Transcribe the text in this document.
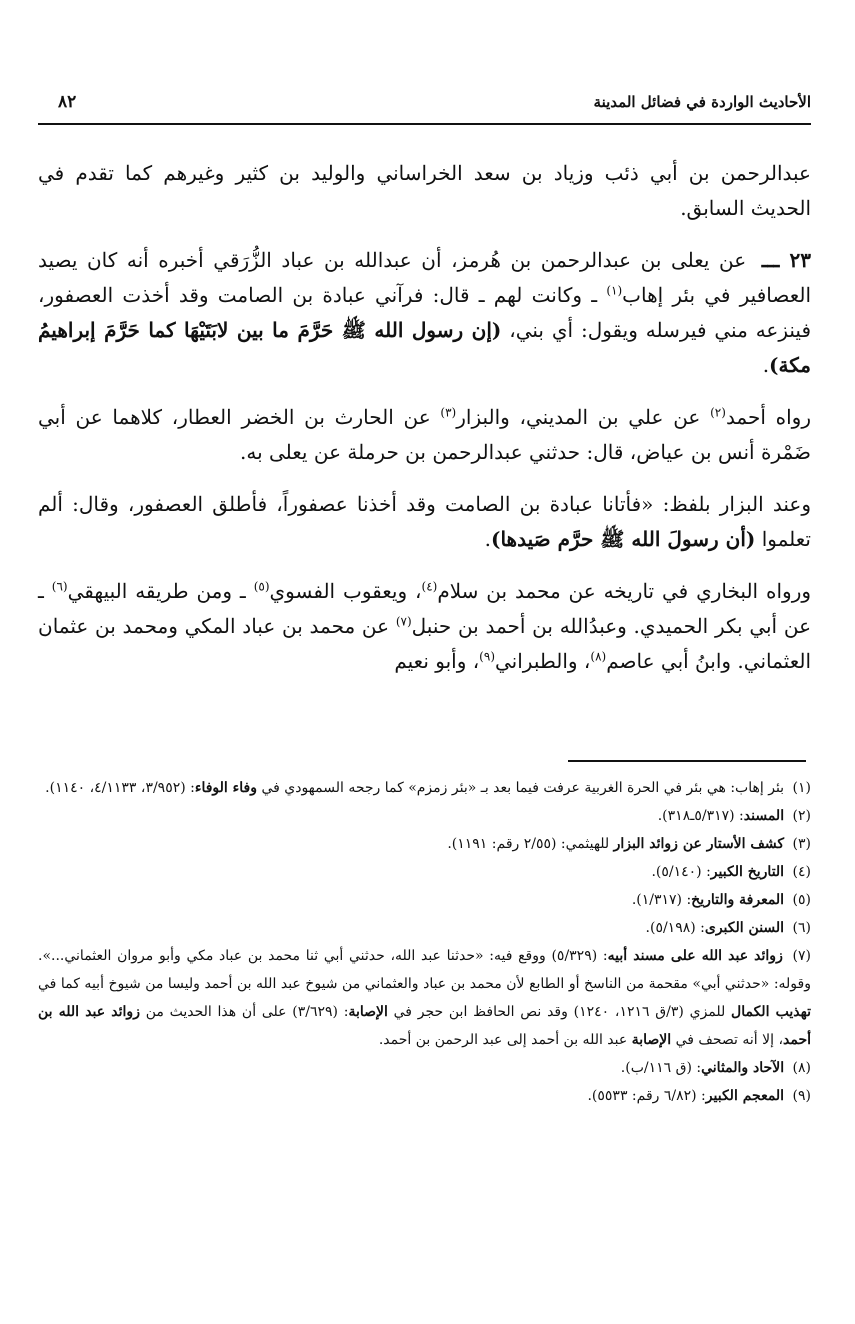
الأحاديث الواردة في فضائل المدينة
٨٢

عبدالرحمن بن أبي ذئب وزياد بن سعد الخراساني والوليد بن كثير وغيرهم كما تقدم في الحديث السابق.

٢٣ ـــ عن يعلى بن عبدالرحمن بن هُرمز، أن عبدالله بن عباد الزُّرَقي أخبره أنه كان يصيد العصافير في بئر إهاب$^{(١)}$ ـ وكانت لهم ـ قال: فرآني عبادة بن الصامت وقد أخذت العصفور، فينزعه مني فيرسله ويقول: أي بني، (إن رسول الله ﷺ حَرَّمَ ما بين لابَتَيْهَا كما حَرَّمَ إبراهيمُ مكة).

رواه أحمد$^{(٢)}$ عن علي بن المديني، والبزار$^{(٣)}$ عن الحارث بن الخضر العطار، كلاهما عن أبي ضَمْرة أنس بن عياض، قال: حدثني عبدالرحمن بن حرملة عن يعلى به.

وعند البزار بلفظ: «فأتانا عبادة بن الصامت وقد أخذنا عصفوراً، فأطلق العصفور، وقال: ألم تعلموا (أن رسولَ الله ﷺ حرَّم صَيدها).

ورواه البخاري في تاريخه عن محمد بن سلام$^{(٤)}$، ويعقوب الفسوي$^{(٥)}$ ـ ومن طريقه البيهقي$^{(٦)}$ ـ عن أبي بكر الحميدي. وعبدُالله بن أحمد بن حنبل$^{(٧)}$ عن محمد بن عباد المكي ومحمد بن عثمان العثماني. وابنُ أبي عاصم$^{(٨)}$، والطبراني$^{(٩)}$، وأبو نعيم

(١) بئر إهاب: هي بئر في الحرة الغربية عرفت فيما بعد بـ «بئر زمزم» كما رجحه السمهودي في وفاء الوفاء: (٣/٩٥٢، ٤/١١٣٣، ١١٤٠).
(٢) المسند: (٥/٣١٧ـ٣١٨).
(٣) كشف الأستار عن زوائد البزار للهيثمي: (٢/٥٥ رقم: ١١٩١).
(٤) التاريخ الكبير: (٥/١٤٠).
(٥) المعرفة والتاريخ: (١/٣١٧).
(٦) السنن الكبرى: (٥/١٩٨).
(٧) زوائد عبد الله على مسند أبيه: (٥/٣٢٩) ووقع فيه: «حدثنا عبد الله، حدثني أبي ثنا محمد بن عباد مكي وأبو مروان العثماني...». وقوله: «حدثني أبي» مقحمة من الناسخ أو الطابع لأن محمد بن عباد والعثماني من شيوخ عبد الله بن أحمد وليسا من شيوخ أبيه كما في تهذيب الكمال للمزي (٣/ق ١٢١٦، ١٢٤٠) وقد نص الحافظ ابن حجر في الإصابة: (٣/٦٢٩) على أن هذا الحديث من زوائد عبد الله بن أحمد، إلا أنه تصحف في الإصابة عبد الله بن أحمد إلى عبد الرحمن بن أحمد.
(٨) الآحاد والمثاني: (ق ١١٦/ب).
(٩) المعجم الكبير: (٦/٨٢ رقم: ٥٥٣٣).
